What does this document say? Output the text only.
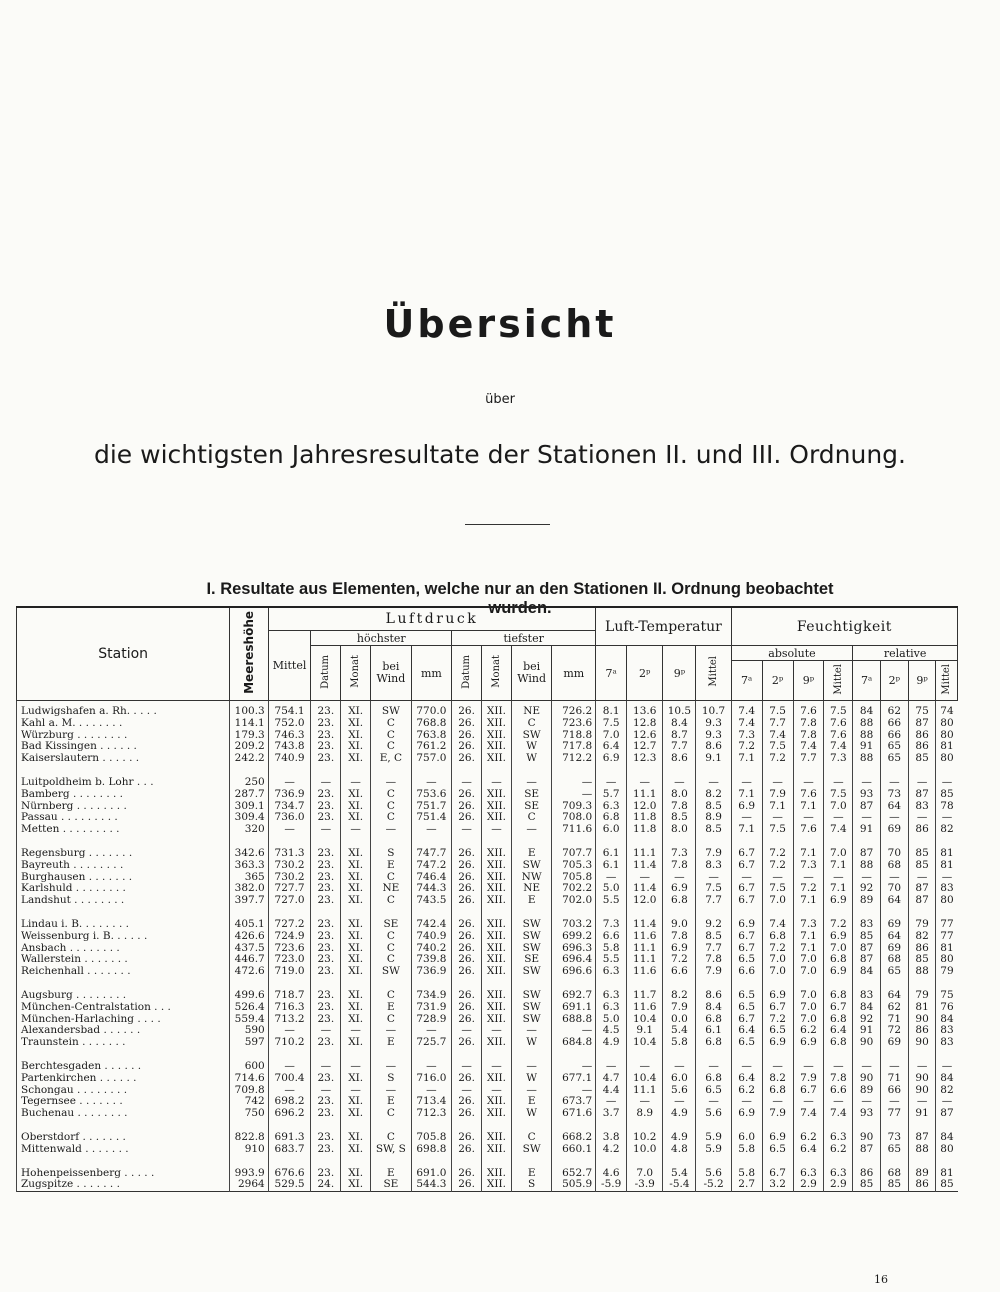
Übersicht
über
die wichtigsten Jahresresultate der Stationen II. und III. Ordnung.
I. Resultate aus Elementen, welche nur an den Stationen II. Ordnung beobachtet wurden.
Station	Meereshöhe	Luftdruck									Luft-Temperatur				Feuchtigkeit							
		Mittel	höchster				tiefster															
			Datum	Monat	bei Wind	mm	Datum	Monat	bei Wind	mm	7ᵃ	2ᵖ	9ᵖ	Mittel	absolute				relative			
															7ᵃ	2ᵖ	9ᵖ	Mittel	7ᵃ	2ᵖ	9ᵖ	Mittel
Ludwigshafen a. Rh. . . . .	100.3	754.1	23.	XI.	SW	770.0	26.	XII.	NE	726.2	8.1	13.6	10.5	10.7	7.4	7.5	7.6	7.5	84	62	75	74
Kahl a. M. . . . . . . .	114.1	752.0	23.	XI.	C	768.8	26.	XII.	C	723.6	7.5	12.8	8.4	9.3	7.4	7.7	7.8	7.6	88	66	87	80
Würzburg . . . . . . . .	179.3	746.3	23.	XI.	C	763.8	26.	XII.	SW	718.8	7.0	12.6	8.7	9.3	7.3	7.4	7.8	7.6	88	66	86	80
Bad Kissingen . . . . . .	209.2	743.8	23.	XI.	C	761.2	26.	XII.	W	717.8	6.4	12.7	7.7	8.6	7.2	7.5	7.4	7.4	91	65	86	81
Kaiserslautern . . . . . .	242.2	740.9	23.	XI.	E, C	757.0	26.	XII.	W	712.2	6.9	12.3	8.6	9.1	7.1	7.2	7.7	7.3	88	65	85	80

Luitpoldheim b. Lohr . . .	250	—	—	—	—	—	—	—	—	—	—	—	—	—	—	—	—	—	—	—	—	—
Bamberg . . . . . . . .	287.7	736.9	23.	XI.	C	753.6	26.	XII.	SE	—	5.7	11.1	8.0	8.2	7.1	7.9	7.6	7.5	93	73	87	85
Nürnberg . . . . . . . .	309.1	734.7	23.	XI.	C	751.7	26.	XII.	SE	709.3	6.3	12.0	7.8	8.5	6.9	7.1	7.1	7.0	87	64	83	78
Passau . . . . . . . . .	309.4	736.0	23.	XI.	C	751.4	26.	XII.	C	708.0	6.8	11.8	8.5	8.9	—	—	—	—	—	—	—	—
Metten . . . . . . . . .	320	—	—	—	—	—	—	—	—	711.6	6.0	11.8	8.0	8.5	7.1	7.5	7.6	7.4	91	69	86	82

Regensburg . . . . . . .	342.6	731.3	23.	XI.	S	747.7	26.	XII.	E	707.7	6.1	11.1	7.3	7.9	6.7	7.2	7.1	7.0	87	70	85	81
Bayreuth . . . . . . . .	363.3	730.2	23.	XI.	E	747.2	26.	XII.	SW	705.3	6.1	11.4	7.8	8.3	6.7	7.2	7.3	7.1	88	68	85	81
Burghausen . . . . . . .	365	730.2	23.	XI.	C	746.4	26.	XII.	NW	705.8	—	—	—	—	—	—	—	—	—	—	—	—
Karlshuld . . . . . . . .	382.0	727.7	23.	XI.	NE	744.3	26.	XII.	NE	702.2	5.0	11.4	6.9	7.5	6.7	7.5	7.2	7.1	92	70	87	83
Landshut . . . . . . . .	397.7	727.0	23.	XI.	C	743.5	26.	XII.	E	702.0	5.5	12.0	6.8	7.7	6.7	7.0	7.1	6.9	89	64	87	80

Lindau i. B. . . . . . . .	405.1	727.2	23.	XI.	SE	742.4	26.	XII.	SW	703.2	7.3	11.4	9.0	9.2	6.9	7.4	7.3	7.2	83	69	79	77
Weissenburg i. B. . . . . .	426.6	724.9	23.	XI.	C	740.9	26.	XII.	SW	699.2	6.6	11.6	7.8	8.5	6.7	6.8	7.1	6.9	85	64	82	77
Ansbach . . . . . . . .	437.5	723.6	23.	XI.	C	740.2	26.	XII.	SW	696.3	5.8	11.1	6.9	7.7	6.7	7.2	7.1	7.0	87	69	86	81
Wallerstein . . . . . . .	446.7	723.0	23.	XI.	C	739.8	26.	XII.	SE	696.4	5.5	11.1	7.2	7.8	6.5	7.0	7.0	6.8	87	68	85	80
Reichenhall . . . . . . .	472.6	719.0	23.	XI.	SW	736.9	26.	XII.	SW	696.6	6.3	11.6	6.6	7.9	6.6	7.0	7.0	6.9	84	65	88	79

Augsburg . . . . . . . .	499.6	718.7	23.	XI.	C	734.9	26.	XII.	SW	692.7	6.3	11.7	8.2	8.6	6.5	6.9	7.0	6.8	83	64	79	75
München-Centralstation . . .	526.4	716.3	23.	XI.	E	731.9	26.	XII.	SW	691.1	6.3	11.6	7.9	8.4	6.5	6.7	7.0	6.7	84	62	81	76
München-Harlaching . . . .	559.4	713.2	23.	XI.	C	728.9	26.	XII.	SW	688.8	5.0	10.4	0.0	6.8	6.7	7.2	7.0	6.8	92	71	90	84
Alexandersbad . . . . . .	590	—	—	—	—	—	—	—	—	—	4.5	9.1	5.4	6.1	6.4	6.5	6.2	6.4	91	72	86	83
Traunstein . . . . . . .	597	710.2	23.	XI.	E	725.7	26.	XII.	W	684.8	4.9	10.4	5.8	6.8	6.5	6.9	6.9	6.8	90	69	90	83

Berchtesgaden . . . . . .	600	—	—	—	—	—	—	—	—	—	—	—	—	—	—	—	—	—	—	—	—	—
Partenkirchen . . . . . .	714.6	700.4	23.	XI.	S	716.0	26.	XII.	W	677.1	4.7	10.4	6.0	6.8	6.4	8.2	7.9	7.8	90	71	90	84
Schongau . . . . . . . .	709.8	—	—	—	—	—	—	—	—	—	4.4	11.1	5.6	6.5	6.2	6.8	6.7	6.6	89	66	90	82
Tegernsee . . . . . . .	742	698.2	23.	XI.	E	713.4	26.	XII.	E	673.7	—	—	—	—	—	—	—	—	—	—	—	—
Buchenau . . . . . . . .	750	696.2	23.	XI.	C	712.3	26.	XII.	W	671.6	3.7	8.9	4.9	5.6	6.9	7.9	7.4	7.4	93	77	91	87

Oberstdorf . . . . . . .	822.8	691.3	23.	XI.	C	705.8	26.	XII.	C	668.2	3.8	10.2	4.9	5.9	6.0	6.9	6.2	6.3	90	73	87	84
Mittenwald . . . . . . .	910	683.7	23.	XI.	SW, S	698.8	26.	XII.	SW	660.1	4.2	10.0	4.8	5.9	5.8	6.5	6.4	6.2	87	65	88	80

Hohenpeissenberg . . . . .	993.9	676.6	23.	XI.	E	691.0	26.	XII.	E	652.7	4.6	7.0	5.4	5.6	5.8	6.7	6.3	6.3	86	68	89	81
Zugspitze . . . . . . .	2964	529.5	24.	XI.	SE	544.3	26.	XII.	S	505.9	-5.9	-3.9	-5.4	-5.2	2.7	3.2	2.9	2.9	85	85	86	85
16
